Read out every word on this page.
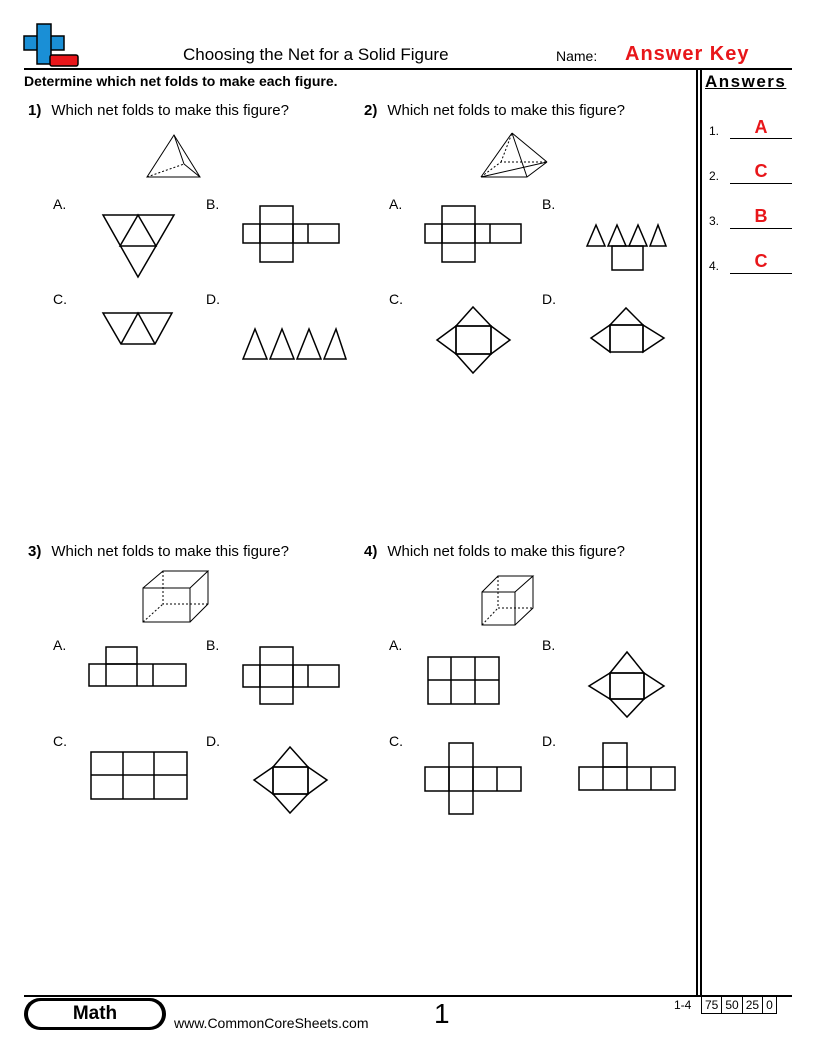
Choosing the Net for a Solid Figure	Name: Answer Key
Determine which net folds to make each figure.	Answers
1.	A
2.	C
3.	B
4.	C
1) Which net folds to make this figure?
A.	B.
C.	D.
2) Which net folds to make this figure?
A.	B.
C.	D.
3) Which net folds to make this figure?
A.	B.
C.	D.
4) Which net folds to make this figure?
A.	B.
C.	D.
Math	www.CommonCoreSheets.com 1	1-4 75	50	25	0
